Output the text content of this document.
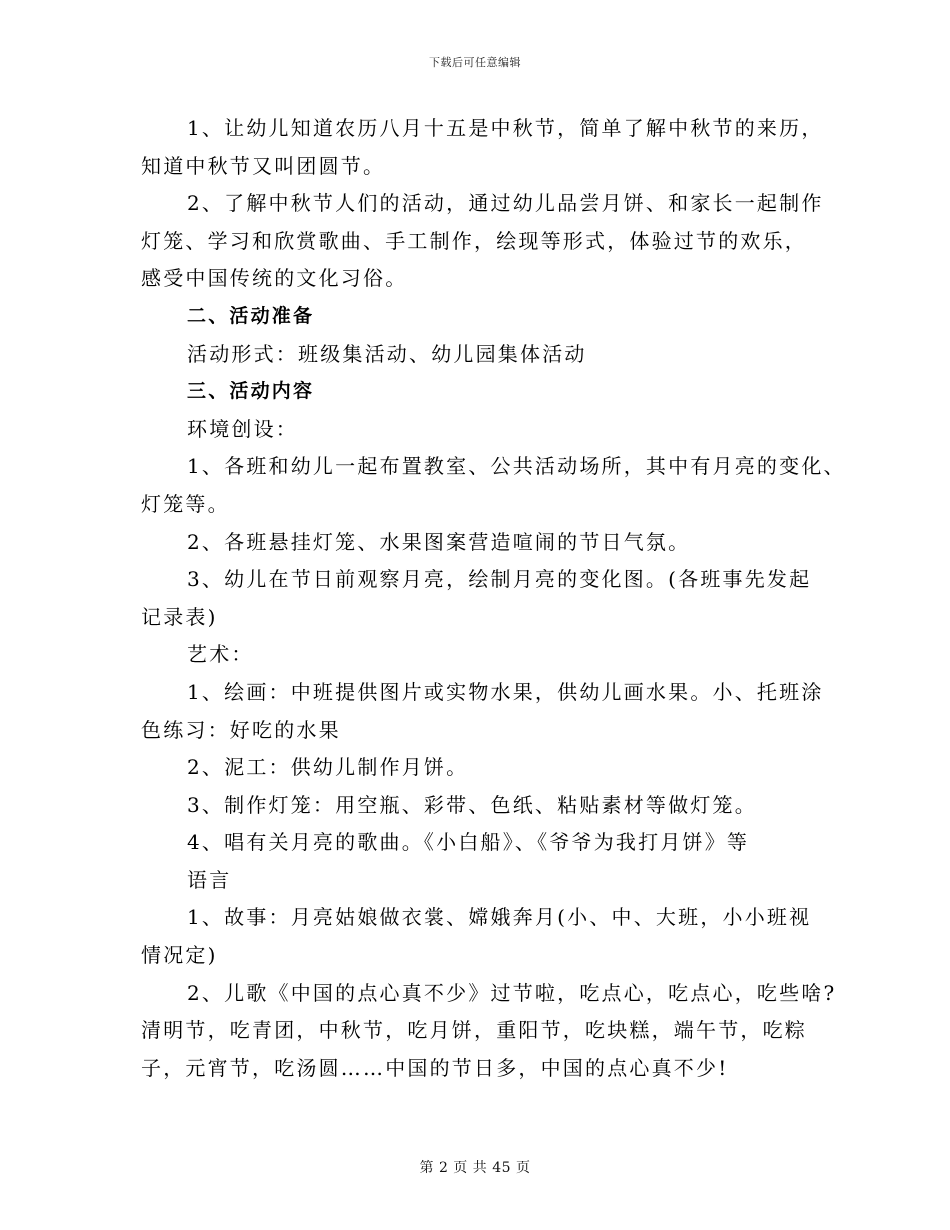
下载后可任意编辑
1、让幼儿知道农历八月十五是中秋节，简单了解中秋节的来历，
知道中秋节又叫团圆节。
2、了解中秋节人们的活动，通过幼儿品尝月饼、和家长一起制作
灯笼、学习和欣赏歌曲、手工制作，绘现等形式，体验过节的欢乐，
感受中国传统的文化习俗。
二、活动准备
活动形式：班级集活动、幼儿园集体活动
三、活动内容
环境创设：
1、各班和幼儿一起布置教室、公共活动场所，其中有月亮的变化、
灯笼等。
2、各班悬挂灯笼、水果图案营造喧闹的节日气氛。
3、幼儿在节日前观察月亮，绘制月亮的变化图。(各班事先发起
记录表)
艺术：
1、绘画：中班提供图片或实物水果，供幼儿画水果。小、托班涂
色练习：好吃的水果
2、泥工：供幼儿制作月饼。
3、制作灯笼：用空瓶、彩带、色纸、粘贴素材等做灯笼。
4、唱有关月亮的歌曲。《小白船》、《爷爷为我打月饼》等
语言
1、故事：月亮姑娘做衣裳、嫦娥奔月(小、中、大班，小小班视
情况定)
2、儿歌《中国的点心真不少》过节啦，吃点心，吃点心，吃些啥?
清明节，吃青团，中秋节，吃月饼，重阳节，吃块糕，端午节，吃粽
子，元宵节，吃汤圆……中国的节日多，中国的点心真不少!
第 2 页 共 45 页
